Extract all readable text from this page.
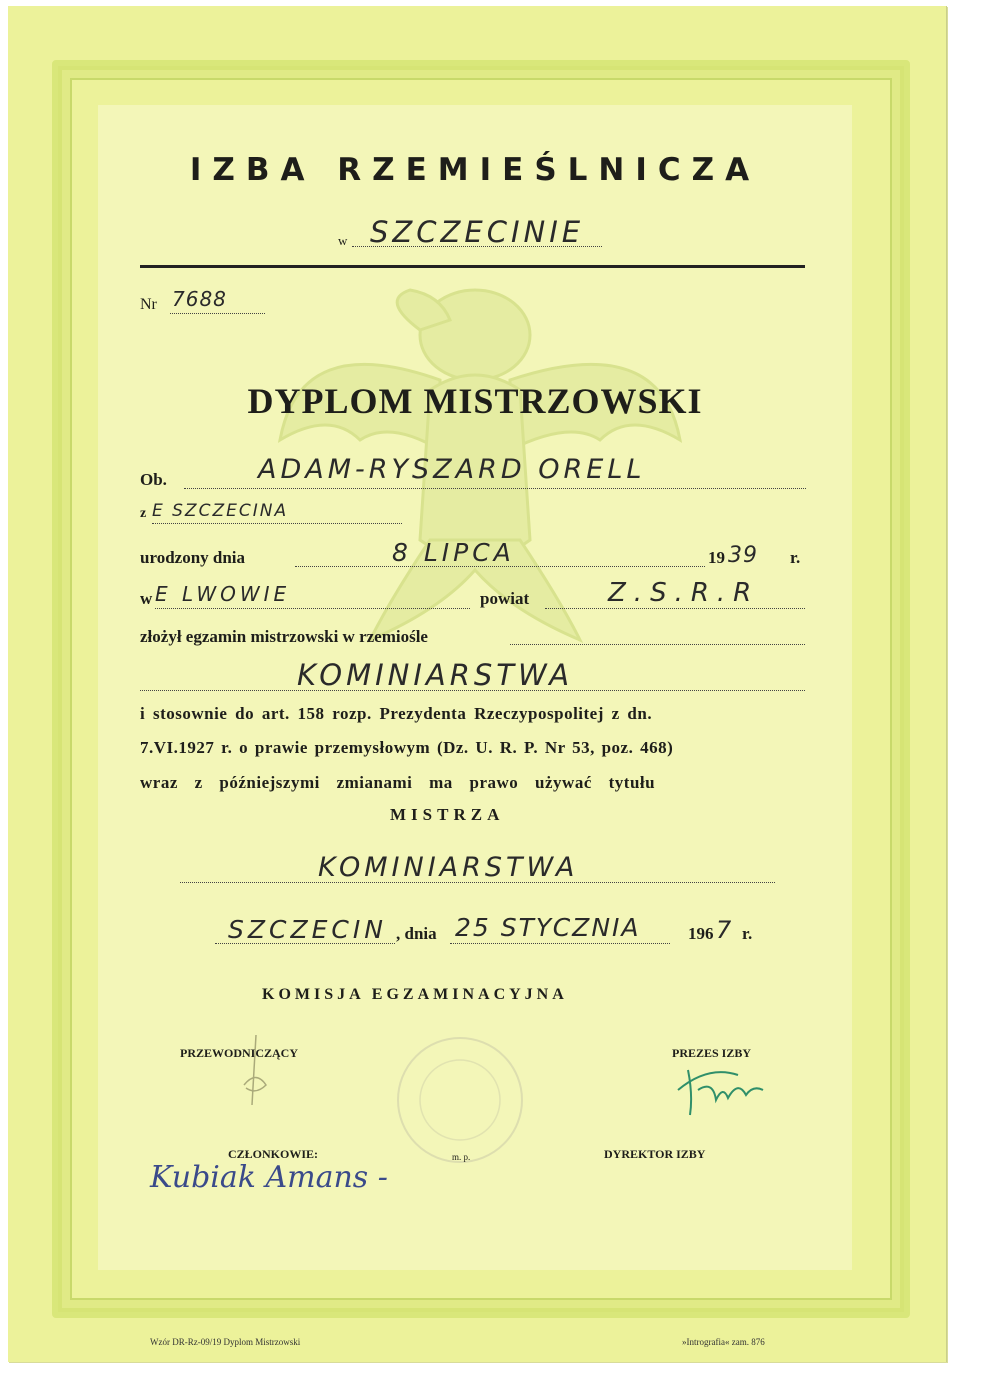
IZBA RZEMIEŚLNICZA
w SZCZECINIE
Nr 7688
DYPLOM MISTRZOWSKI
Ob.	ADAM-RYSZARD ORELL
z E SZCZECINA
urodzony dnia	8 LIPCA	19 39 r.
w E LWOWIE	powiat	Z.S.R.R
złożył egzamin mistrzowski w rzemiośle
KOMINIARSTWA
i stosownie do art. 158 rozp. Prezydenta Rzeczypospolitej z dn.
7.VI.1927 r. o prawie przemysłowym (Dz. U. R. P. Nr 53, poz. 468)
wraz z późniejszymi zmianami ma prawo używać tytułu
MISTRZA
KOMINIARSTWA
SZCZECIN , dnia 25 STYCZNIA	196 7 r.
KOMISJA EGZAMINACYJNA
PRZEWODNICZĄCY	PREZES IZBY
CZŁONKOWIE:	m. p.	DYREKTOR IZBY
Kubiak Amans -
Wzór DR-Rz-09/19 Dyplom Mistrzowski	»Intrografia« zam. 876
